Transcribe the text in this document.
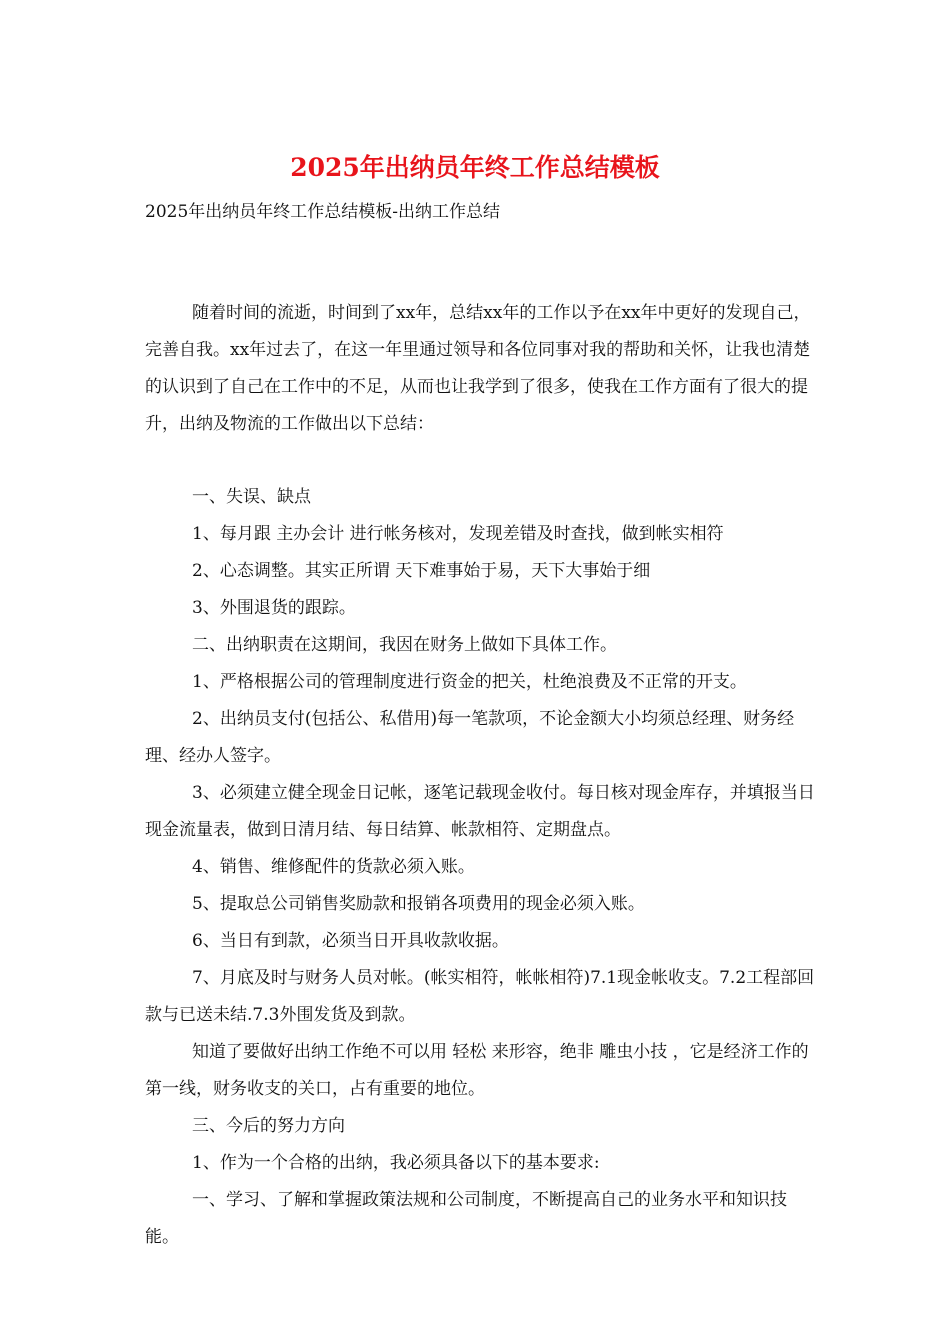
2025年出纳员年终工作总结模板
2025年出纳员年终工作总结模板-出纳工作总结

随着时间的流逝，时间到了xx年，总结xx年的工作以予在xx年中更好的发现自己，完善自我。xx年过去了，在这一年里通过领导和各位同事对我的帮助和关怀，让我也清楚的认识到了自己在工作中的不足，从而也让我学到了很多，使我在工作方面有了很大的提升，出纳及物流的工作做出以下总结：

一、失误、缺点

1、每月跟 主办会计 进行帐务核对，发现差错及时查找，做到帐实相符

2、心态调整。其实正所谓 天下难事始于易，天下大事始于细

3、外围退货的跟踪。

二、出纳职责在这期间，我因在财务上做如下具体工作。

1、严格根据公司的管理制度进行资金的把关，杜绝浪费及不正常的开支。

2、出纳员支付(包括公、私借用)每一笔款项，不论金额大小均须总经理、财务经理、经办人签字。

3、必须建立健全现金日记帐，逐笔记载现金收付。每日核对现金库存，并填报当日现金流量表，做到日清月结、每日结算、帐款相符、定期盘点。

4、销售、维修配件的货款必须入账。

5、提取总公司销售奖励款和报销各项费用的现金必须入账。

6、当日有到款，必须当日开具收款收据。

7、月底及时与财务人员对帐。(帐实相符，帐帐相符)7.1现金帐收支。7.2工程部回款与已送未结.7.3外围发货及到款。

知道了要做好出纳工作绝不可以用 轻松 来形容，绝非 雕虫小技 ，它是经济工作的第一线，财务收支的关口，占有重要的地位。

三、今后的努力方向

1、作为一个合格的出纳，我必须具备以下的基本要求:

一、学习、了解和掌握政策法规和公司制度，不断提高自己的业务水平和知识技能。
